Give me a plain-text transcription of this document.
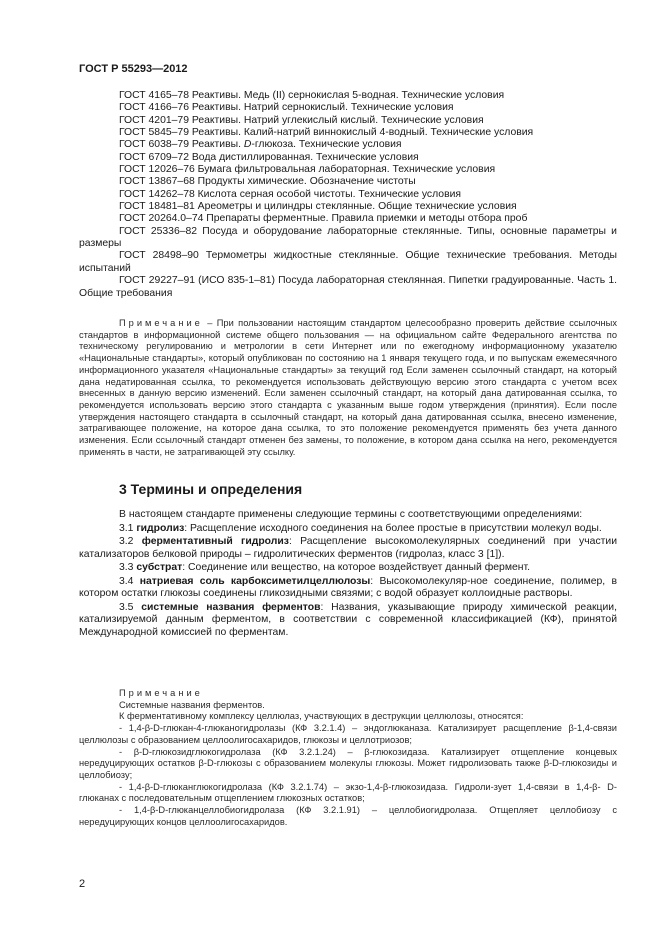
ГОСТ Р 55293—2012

ГОСТ 4165–78 Реактивы. Медь (II) сернокислая 5-водная. Технические условия

ГОСТ 4166–76 Реактивы. Натрий сернокислый. Технические условия

ГОСТ 4201–79 Реактивы. Натрий углекислый кислый. Технические условия

ГОСТ 5845–79 Реактивы. Калий-натрий виннокислый 4-водный. Технические условия

ГОСТ 6038–79 Реактивы. D-глюкоза. Технические условия

ГОСТ 6709–72 Вода дистиллированная. Технические условия

ГОСТ 12026–76 Бумага фильтровальная лабораторная. Технические условия

ГОСТ 13867–68 Продукты химические. Обозначение чистоты

ГОСТ 14262–78 Кислота серная особой чистоты. Технические условия

ГОСТ 18481–81 Ареометры и цилиндры стеклянные. Общие технические условия

ГОСТ 20264.0–74 Препараты ферментные. Правила приемки и методы отбора проб

ГОСТ 25336–82 Посуда и оборудование лабораторные стеклянные. Типы, основные параметры и размеры

ГОСТ 28498–90 Термометры жидкостные стеклянные. Общие технические требования. Методы испытаний

ГОСТ 29227–91 (ИСО 835-1–81) Посуда лабораторная стеклянная. Пипетки градуированные. Часть 1. Общие требования

Примечание – При пользовании настоящим стандартом целесообразно проверить действие ссылочных стандартов в информационной системе общего пользования — на официальном сайте Федерального агентства по техническому регулированию и метрологии в сети Интернет или по ежегодному информационному указателю «Национальные стандарты», который опубликован по состоянию на 1 января текущего года, и по выпускам ежемесячного информационного указателя «Национальные стандарты» за текущий год Если заменен ссылочный стандарт, на который дана недатированная ссылка, то рекомендуется использовать действующую версию этого стандарта с учетом всех внесенных в данную версию изменений. Если заменен ссылочный стандарт, на который дана датированная ссылка, то рекомендуется использовать версию этого стандарта с указанным выше годом утверждения (принятия). Если после утверждения настоящего стандарта в ссылочный стандарт, на который дана датированная ссылка, внесено изменение, затрагивающее положение, на которое дана ссылка, то это положение рекомендуется применять без учета данного изменения. Если ссылочный стандарт отменен без замены, то положение, в котором дана ссылка на него, рекомендуется применять в части, не затрагивающей эту ссылку.

3 Термины и определения

В настоящем стандарте применены следующие термины с соответствующими определениями:

3.1 гидролиз: Расщепление исходного соединения на более простые в присутствии молекул воды.

3.2 ферментативный гидролиз: Расщепление высокомолекулярных соединений при участии катализаторов белковой природы – гидролитических ферментов (гидролаз, класс 3 [1]).

3.3 субстрат: Соединение или вещество, на которое воздействует данный фермент.

3.4 натриевая соль карбоксиметилцеллюлозы: Высокомолекуляр-ное соединение, полимер, в котором остатки глюкозы соединены гликозидными связями; с водой образует коллоидные растворы.

3.5 системные названия ферментов: Названия, указывающие природу химической реакции, катализируемой данным ферментом, в соответствии с современной классификацией (КФ), принятой Международной комиссией по ферментам.

Примечание

Системные названия ферментов.

К ферментативному комплексу целлюлаз, участвующих в деструкции целлюлозы, относятся:

- 1,4-β-D-глюкан-4-глюканогидролазы (КФ 3.2.1.4) – эндоглюканаза. Катализирует расщепление β-1,4-связи целлюлозы с образованием целлоолигосахаридов, глюкозы и целлотриозов;

- β-D-глюкозидглюкогидролаза (КФ 3.2.1.24) – β-глюкозидаза. Катализирует отщепление концевых нередуцирующих остатков β-D-глюкозы с образованием молекулы глюкозы. Может гидролизовать также β-D-глюкозиды и целлобиозу;

- 1,4-β-D-глюканглюкогидролаза (КФ 3.2.1.74) – экзо-1,4-β-глюкозидаза. Гидроли-зует 1,4-связи в 1,4-β- D-глюканах с последовательным отщеплением глюкозных остатков;

- 1,4-β-D-глюканцеллобиогидролаза (КФ 3.2.1.91) – целлобиогидролаза. Отщепляет целлобиозу с нередуцирующих концов целлоолигосахаридов.

2
